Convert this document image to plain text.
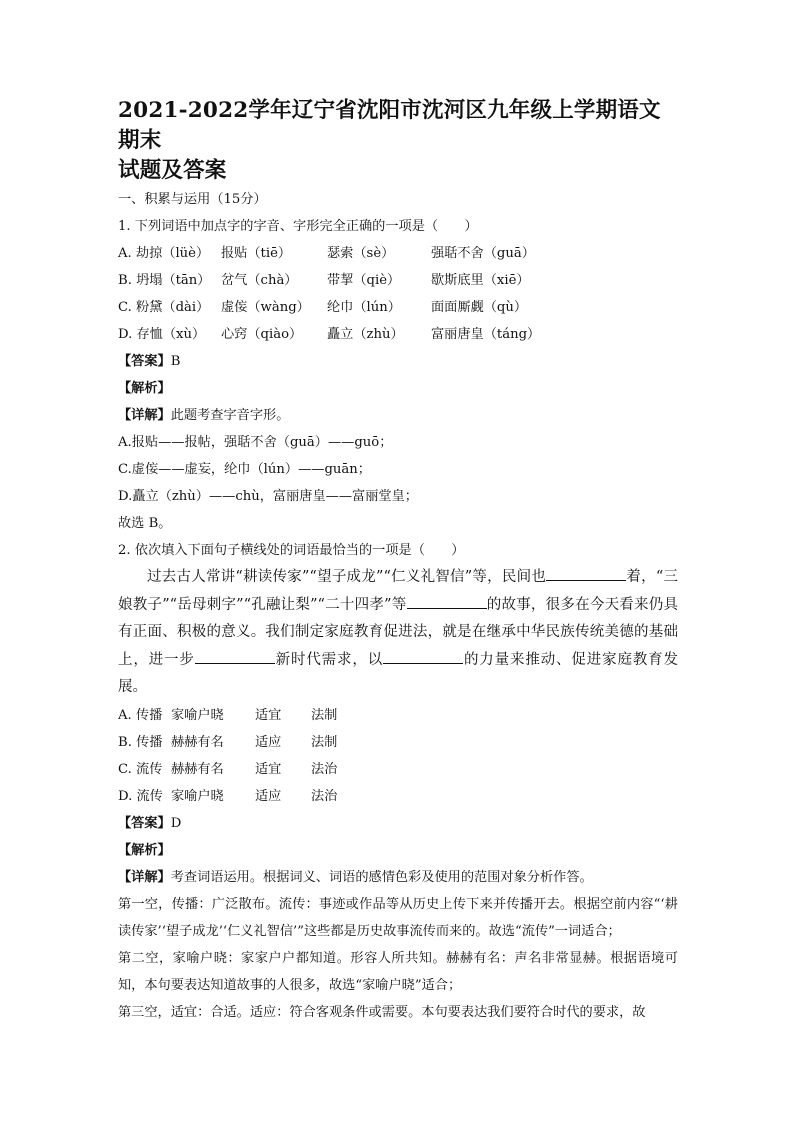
2021-2022学年辽宁省沈阳市沈河区九年级上学期语文期末
试题及答案
一、积累与运用（15分）
1. 下列词语中加点字的字音、字形完全正确的一项是（　　）
A. 劫掠（lüè） 报贴（tiē）	瑟索（sè）	强聒不舍（guā）
B. 坍塌（tān） 岔气（chà）	带挈（qiè）	歇斯底里（xiē）
C. 粉黛（dài） 虚侫（wàng）	纶巾（lún）	面面厮觑（qù）
D. 存恤（xù）	心窍（qiào）	矗立（zhù）	富丽唐皇（táng）
【答案】B
【解析】
【详解】此题考查字音字形。
A.报贴——报帖，强聒不舍（guā）——guō；
C.虚侫——虚妄，纶巾（lún）——guān；
D.矗立（zhù）——chù，富丽唐皇——富丽堂皇；
故选 B。
2. 依次填入下面句子横线处的词语最恰当的一项是（　　）
过去古人常讲“耕读传家”“望子成龙”“仁义礼智信”等，民间也	着，“三娘教子”“岳母刺字”“孔融让梨”“二十四孝”等	的故事，很多在今天看来仍具有正面、积极的意义。我们制定家庭教育促进法，就是在继承中华民族传统美德的基础上，进一步	新时代需求，以	的力量来推动、促进家庭教育发展。
A. 传播 家喻户晓	适宜	法制
B. 传播 赫赫有名	适应	法制
C. 流传 赫赫有名	适宜	法治
D. 流传 家喻户晓	适应	法治
【答案】D
【解析】
【详解】考查词语运用。根据词义、词语的感情色彩及使用的范围对象分析作答。
第一空，传播：广泛散布。流传：事迹或作品等从历史上传下来并传播开去。根据空前内容“‘耕读传家’‘望子成龙’‘仁义礼智信’”这些都是历史故事流传而来的。故选“流传”一词适合；
第二空，家喻户晓：家家户户都知道。形容人所共知。赫赫有名：声名非常显赫。根据语境可知，本句要表达知道故事的人很多，故选“家喻户晓”适合；
第三空，适宜：合适。适应：符合客观条件或需要。本句要表达我们要符合时代的要求，故
